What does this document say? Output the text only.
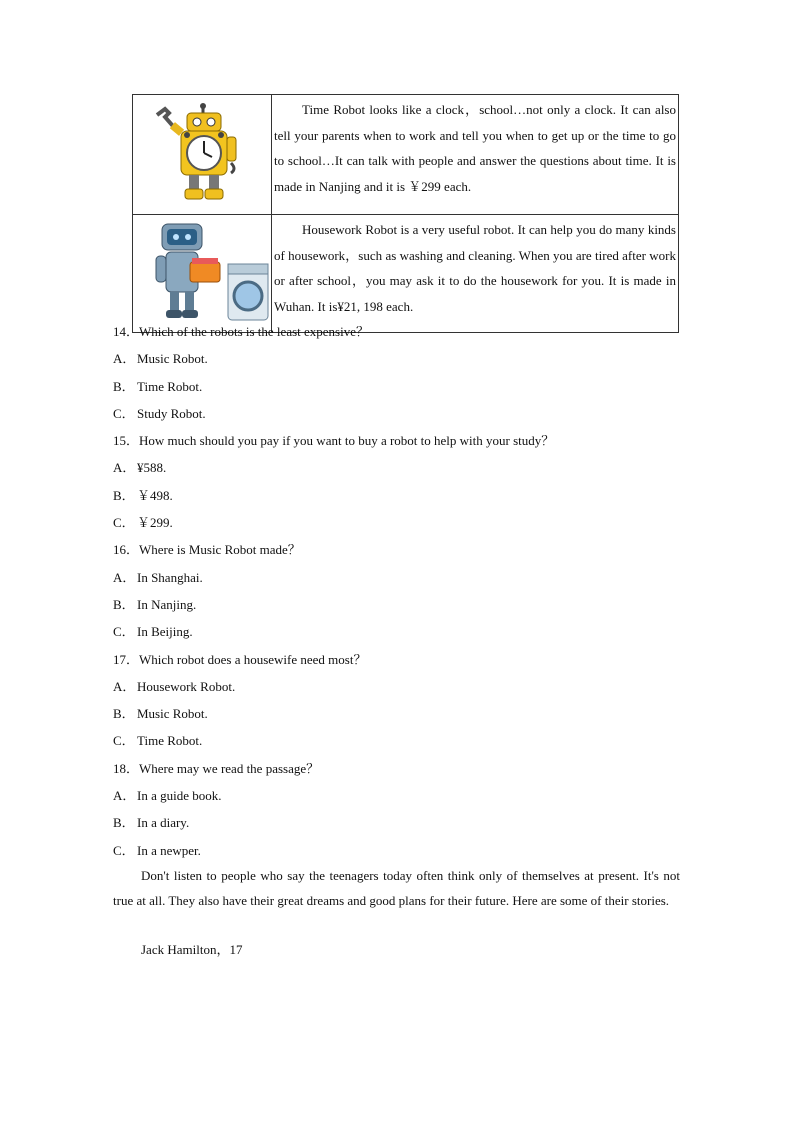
	Time Robot looks like a clock，school…not only a clock. It can also tell your parents when to work and tell you when to get up or the time to go to school…It can talk with people and answer the questions about time. It is made in Nanjing and it is ￥299 each.
	Housework Robot is a very useful robot. It can help you do many kinds of housework，such as washing and cleaning. When you are tired after work or after school，you may ask it to do the housework for you. It is made in Wuhan. It is¥21, 198 each.
14．Which of the robots is the least expensive？
A． Music Robot.
B． Time Robot.
C． Study Robot.
15．How much should you pay if you want to buy a robot to help with your study？
A． ¥588.
B． ￥498.
C． ￥299.
16．Where is Music Robot made？
A． In Shanghai.
B． In Nanjing.
C． In Beijing.
17．Which robot does a housewife need most？
A． Housework Robot.
B． Music Robot.
C． Time Robot.
18．Where may we read the passage？
A． In a guide book.
B． In a diary.
C． In a newper.

Don't listen to people who say the teenagers today often think only of themselves at present. It's not true at all. They also have their great dreams and good plans for their future. Here are some of their stories.

Jack Hamilton，17
